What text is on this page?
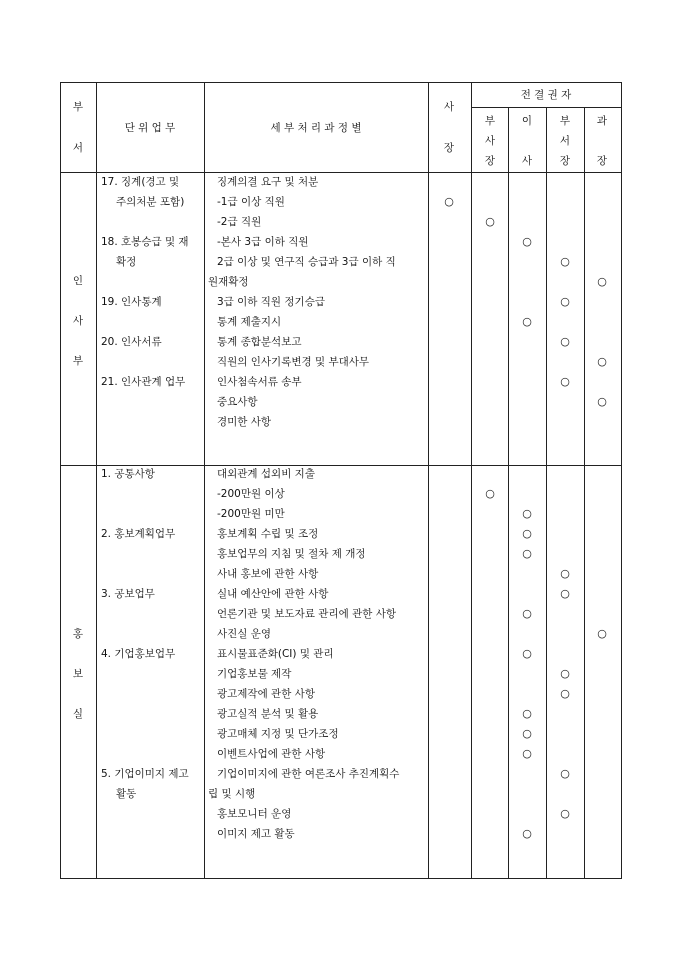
부
서
단 위 업 무	세 부 처 리 과 정 별
사
장
전 결 권 자
부
사
장
이
사
부
서
장
과
장
인
사
부
17. 징계(경고 및
주의처분 포함)
18. 호봉승급 및 재
확정
19. 인사통계
20. 인사서류
21. 인사관계 업무
징계의결 요구 및 처분
-1급 이상 직원
-2급 직원
-본사 3급 이하 직원
2급 이상 및 연구직 승급과 3급 이하 직
원재확정
3급 이하 직원 정기승급
통계 제출지시
통계 종합분석보고
직원의 인사기록변경 및 부대사무
인사첨속서류 송부
중요사항
경미한 사항
○
○
○
○
○
○
○
○
○
○
○
홍
보
실
1. 공통사항
2. 홍보계획업무
3. 공보업무
4. 기업홍보업무
5. 기업이미지 제고
활동
대외관계 섭외비 지출
-200만원 이상
-200만원 미만
홍보계획 수립 및 조정
홍보업무의 지침 및 절차 제 개정
사내 홍보에 관한 사항
실내 예산안에 관한 사항
언론기관 및 보도자료 관리에 관한 사항
사진실 운영
표시물표준화(CI) 및 관리
기업홍보물 제작
광고제작에 관한 사항
광고실적 분석 및 활용
광고매체 지정 및 단가조정
이벤트사업에 관한 사항
기업이미지에 관한 여론조사 추진계획수
립 및 시행
홍보모니터 운영
이미지 제고 활동
○
○
○
○
○
○
○
○
○
○
○
○
○
○
○
○
○
